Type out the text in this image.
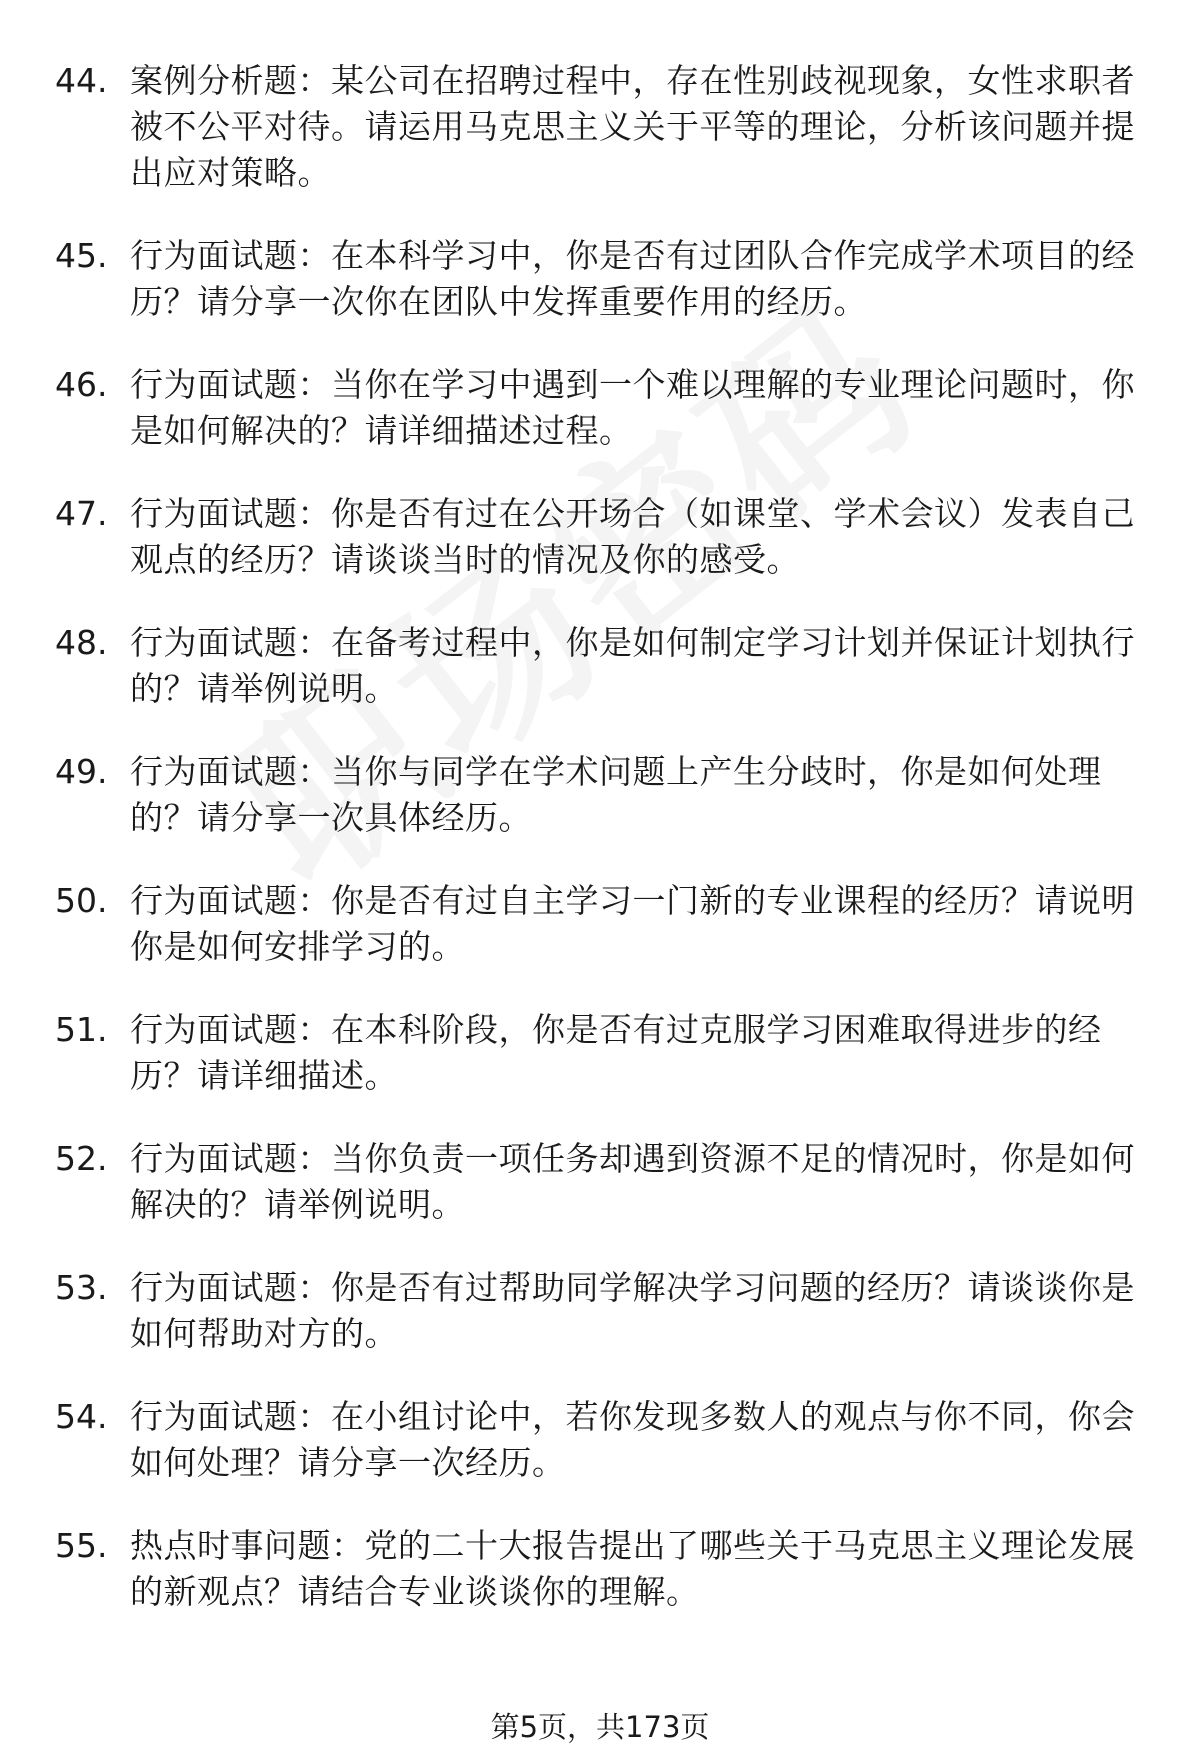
44. 案例分析题：某公司在招聘过程中，存在性别歧视现象，女性求职者被不公平对待。请运用马克思主义关于平等的理论，分析该问题并提出应对策略。
45. 行为面试题：在本科学习中，你是否有过团队合作完成学术项目的经历？请分享一次你在团队中发挥重要作用的经历。
46. 行为面试题：当你在学习中遇到一个难以理解的专业理论问题时，你是如何解决的？请详细描述过程。
47. 行为面试题：你是否有过在公开场合（如课堂、学术会议）发表自己观点的经历？请谈谈当时的情况及你的感受。
48. 行为面试题：在备考过程中，你是如何制定学习计划并保证计划执行的？请举例说明。
49. 行为面试题：当你与同学在学术问题上产生分歧时，你是如何处理的？请分享一次具体经历。
50. 行为面试题：你是否有过自主学习一门新的专业课程的经历？请说明你是如何安排学习的。
51. 行为面试题：在本科阶段，你是否有过克服学习困难取得进步的经历？请详细描述。
52. 行为面试题：当你负责一项任务却遇到资源不足的情况时，你是如何解决的？请举例说明。
53. 行为面试题：你是否有过帮助同学解决学习问题的经历？请谈谈你是如何帮助对方的。
54. 行为面试题：在小组讨论中，若你发现多数人的观点与你不同，你会如何处理？请分享一次经历。
55. 热点时事问题：党的二十大报告提出了哪些关于马克思主义理论发展的新观点？请结合专业谈谈你的理解。
第5页，共173页
